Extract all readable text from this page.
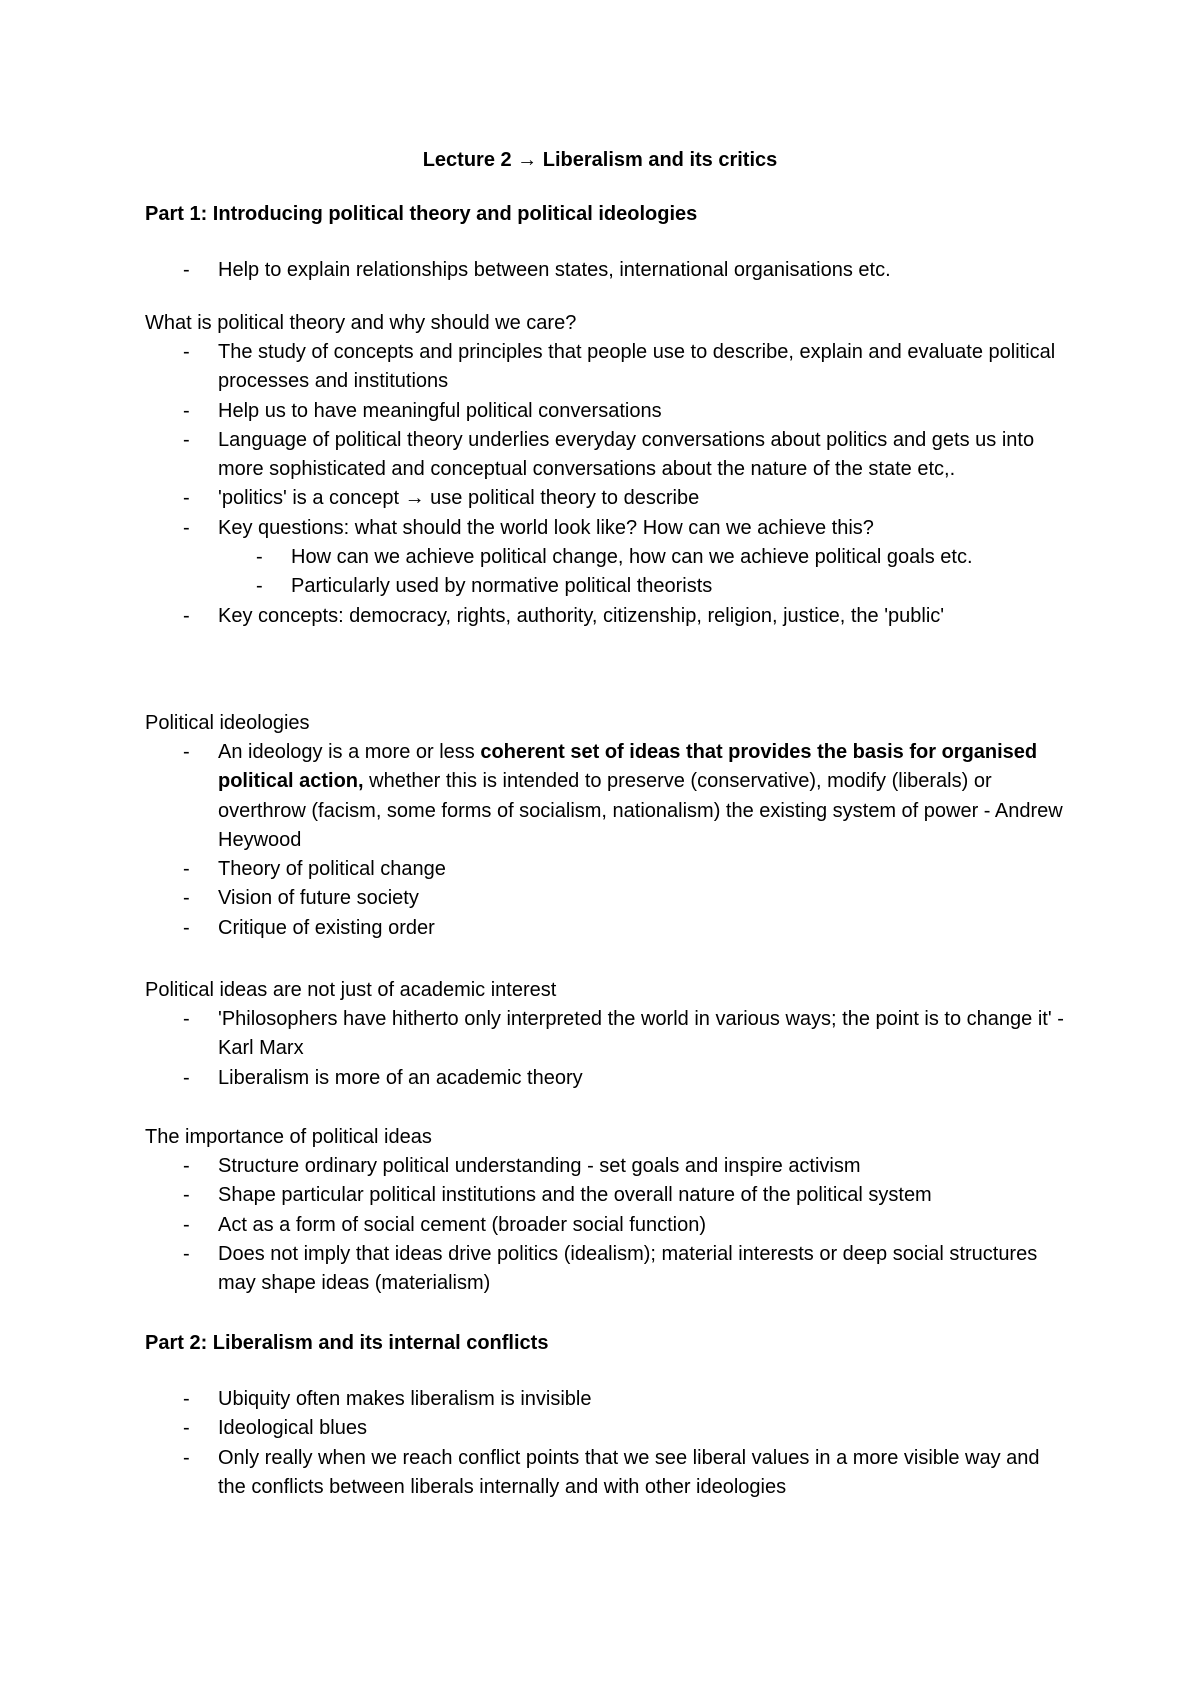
Lecture 2 → Liberalism and its critics
Part 1: Introducing political theory and political ideologies
- Help to explain relationships between states, international organisations etc.
What is political theory and why should we care?
- The study of concepts and principles that people use to describe, explain and evaluate political processes and institutions
- Help us to have meaningful political conversations
- Language of political theory underlies everyday conversations about politics and gets us into more sophisticated and conceptual conversations about the nature of the state etc,.
- 'politics' is a concept → use political theory to describe
- Key questions: what should the world look like? How can we achieve this?
- How can we achieve political change, how can we achieve political goals etc.
- Particularly used by normative political theorists
- Key concepts: democracy, rights, authority, citizenship, religion, justice, the 'public'
Political ideologies
- An ideology is a more or less coherent set of ideas that provides the basis for organised political action, whether this is intended to preserve (conservative), modify (liberals) or overthrow (facism, some forms of socialism, nationalism) the existing system of power - Andrew Heywood
- Theory of political change
- Vision of future society
- Critique of existing order
Political ideas are not just of academic interest
- 'Philosophers have hitherto only interpreted the world in various ways; the point is to change it' - Karl Marx
- Liberalism is more of an academic theory
The importance of political ideas
- Structure ordinary political understanding - set goals and inspire activism
- Shape particular political institutions and the overall nature of the political system
- Act as a form of social cement (broader social function)
- Does not imply that ideas drive politics (idealism); material interests or deep social structures may shape ideas (materialism)
Part 2: Liberalism and its internal conflicts
- Ubiquity often makes liberalism is invisible
- Ideological blues
- Only really when we reach conflict points that we see liberal values in a more visible way and the conflicts between liberals internally and with other ideologies
